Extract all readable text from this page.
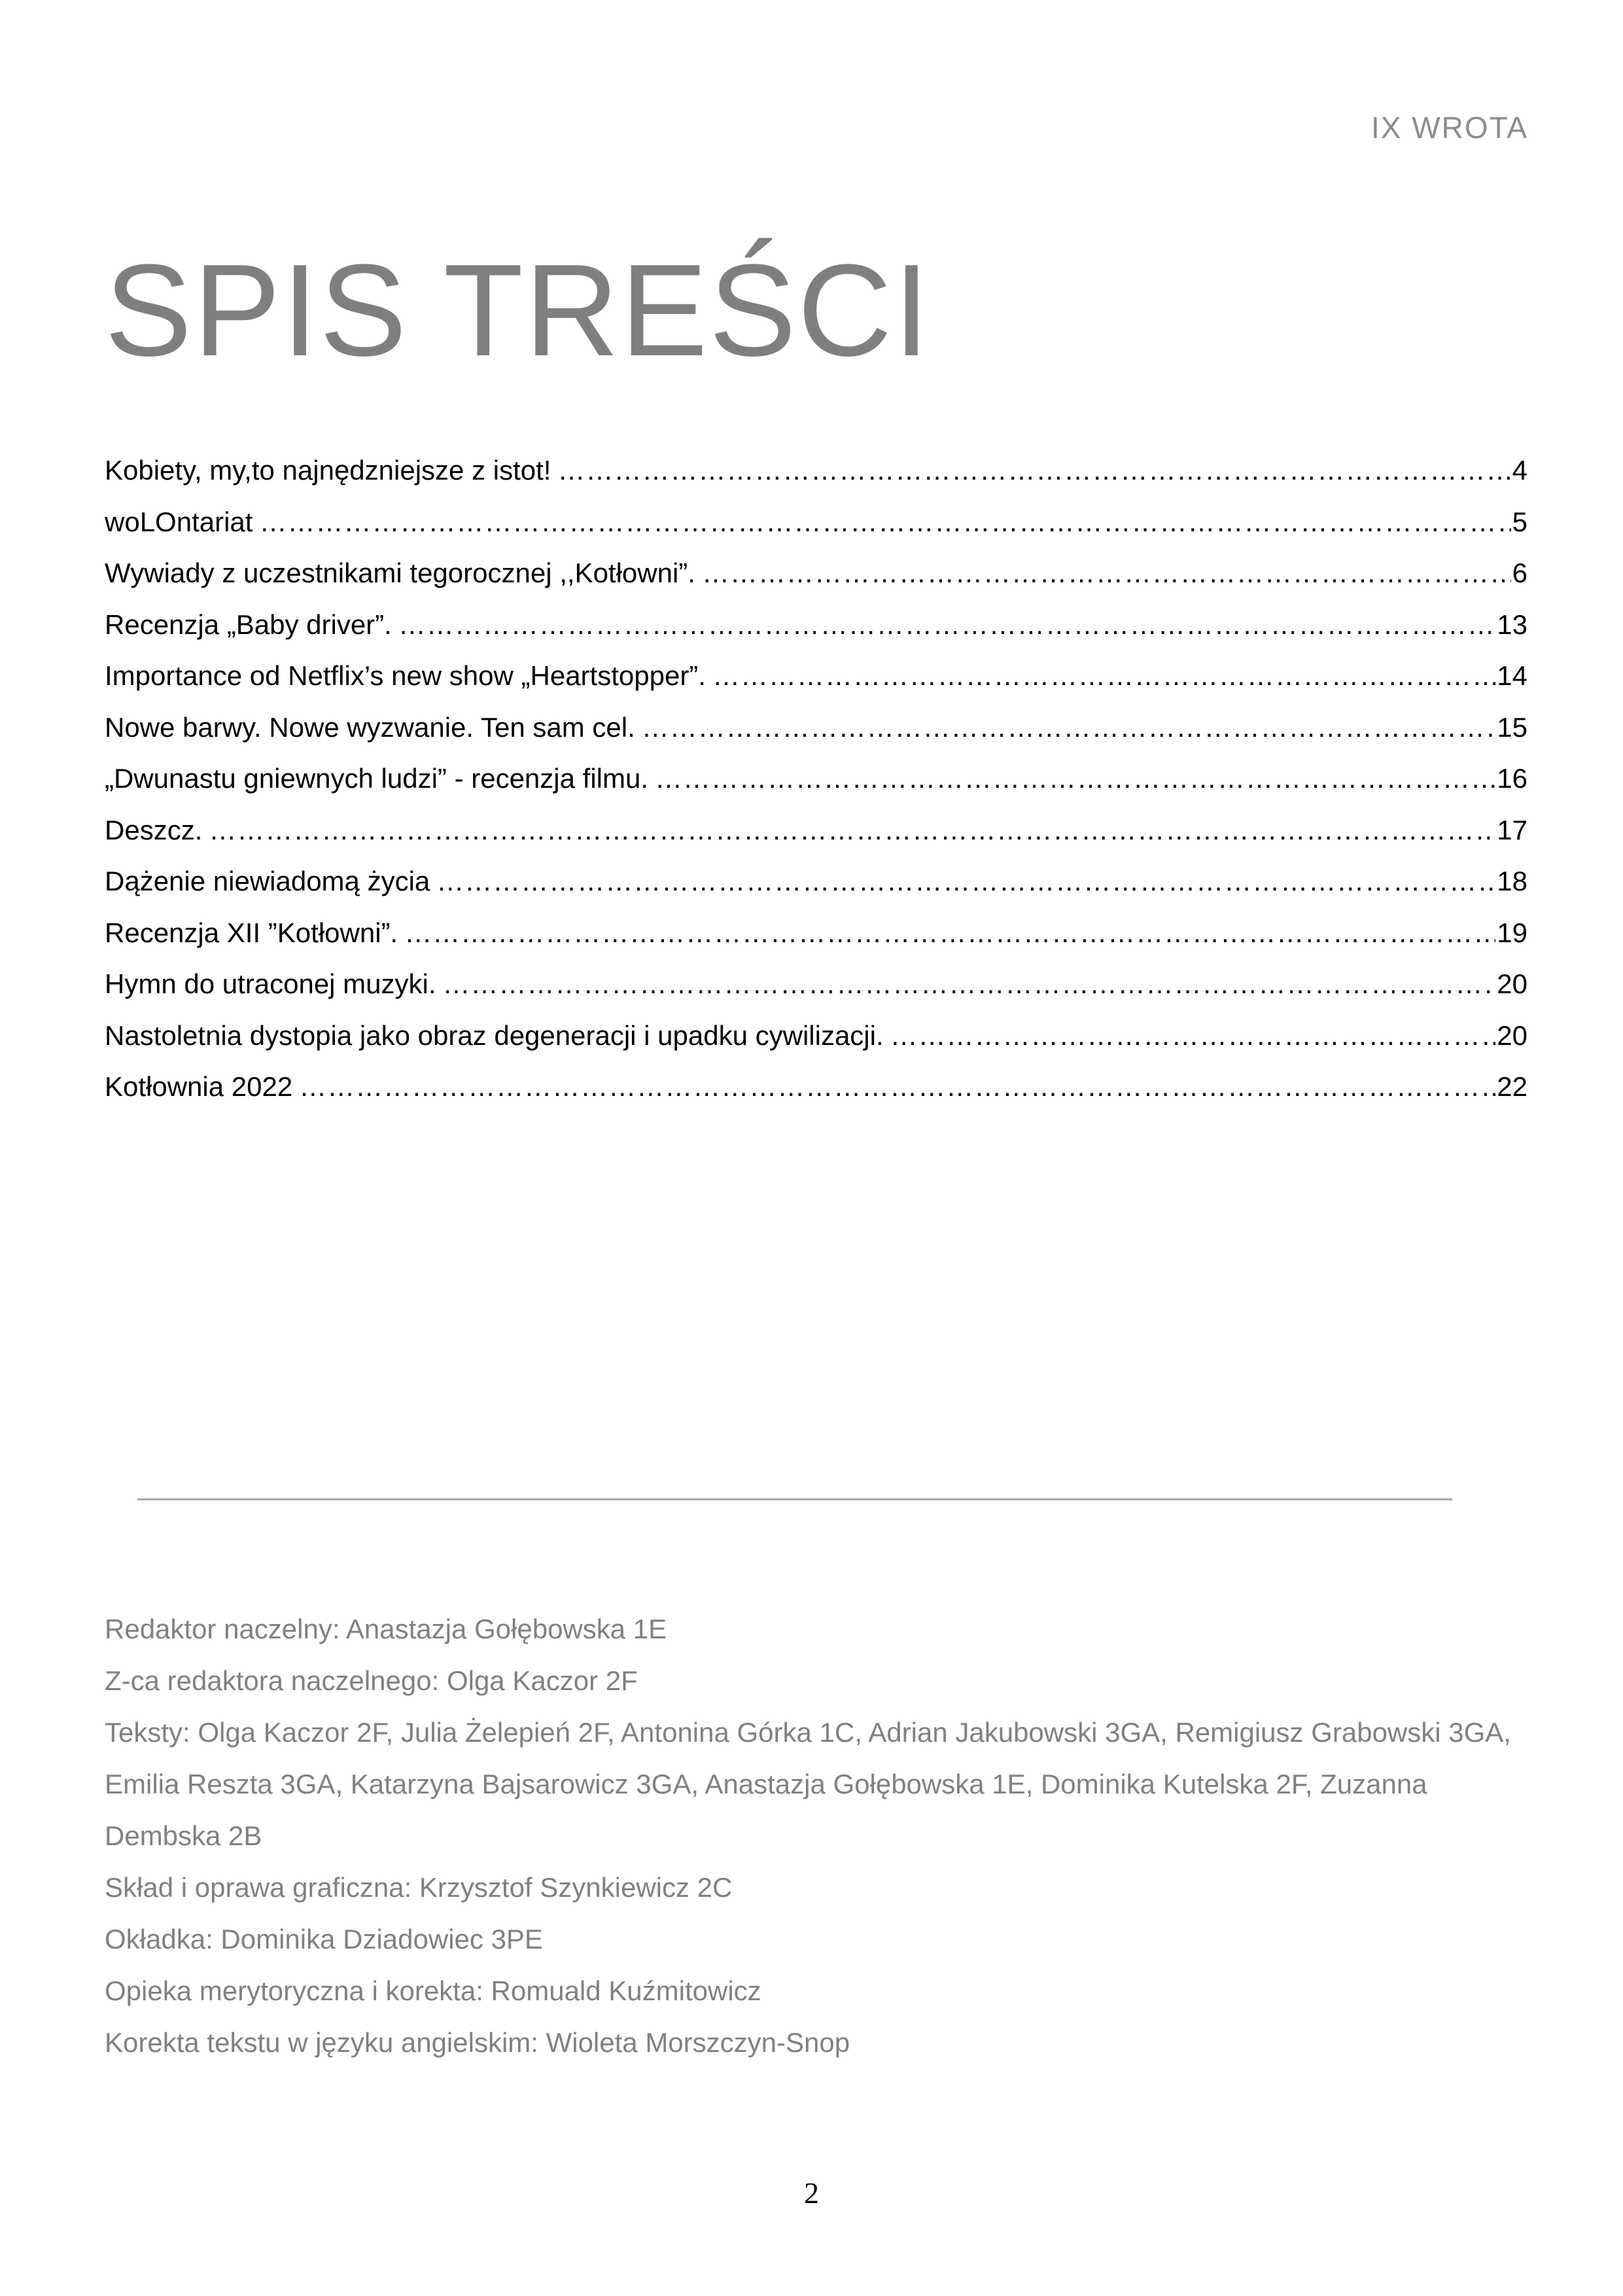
IX WROTA
SPIS TREŚCI
Kobiety, my,to najnędzniejsze z istot! ……………………………………………………………………………………………………………………………………………………………………………………………………………………………………………………………………………………………	4
woLOntariat ……………………………………………………………………………………………………………………………………………………………………………………………………………………………………………………………………………………………	5
Wywiady z uczestnikami tegorocznej ,,Kotłowni”. ……………………………………………………………………………………………………………………………………………………………………………………………………………………………………………………………………………………………	6
Recenzja „Baby driver”. ……………………………………………………………………………………………………………………………………………………………………………………………………………………………………………………………………………………………	13
Importance od Netflix’s new show „Heartstopper”. ……………………………………………………………………………………………………………………………………………………………………………………………………………………………………………………………………………………………	14
Nowe barwy. Nowe wyzwanie. Ten sam cel. ……………………………………………………………………………………………………………………………………………………………………………………………………………………………………………………………………………………………	15
„Dwunastu gniewnych ludzi” - recenzja filmu. ……………………………………………………………………………………………………………………………………………………………………………………………………………………………………………………………………………………………	16
Deszcz. ……………………………………………………………………………………………………………………………………………………………………………………………………………………………………………………………………………………………	17
Dążenie niewiadomą życia ……………………………………………………………………………………………………………………………………………………………………………………………………………………………………………………………………………………………	18
Recenzja XII ”Kotłowni”. ……………………………………………………………………………………………………………………………………………………………………………………………………………………………………………………………………………………………	19
Hymn do utraconej muzyki. ……………………………………………………………………………………………………………………………………………………………………………………………………………………………………………………………………………………………	20
Nastoletnia dystopia jako obraz degeneracji i upadku cywilizacji. ……………………………………………………………………………………………………………………………………………………………………………………………………………………………………………………………………………………………	20
Kotłownia 2022 ……………………………………………………………………………………………………………………………………………………………………………………………………………………………………………………………………………………………	22

Redaktor naczelny: Anastazja Gołębowska 1E

Z-ca redaktora naczelnego: Olga Kaczor 2F

Teksty: Olga Kaczor 2F, Julia Żelepień 2F, Antonina Górka 1C, Adrian Jakubowski 3GA, Remigiusz Grabowski 3GA, Emilia Reszta 3GA, Katarzyna Bajsarowicz 3GA, Anastazja Gołębowska 1E, Dominika Kutelska 2F, Zuzanna Dembska 2B

Skład i oprawa graficzna: Krzysztof Szynkiewicz 2C

Okładka: Dominika Dziadowiec 3PE

Opieka merytoryczna i korekta: Romuald Kuźmitowicz

Korekta tekstu w języku angielskim: Wioleta Morszczyn-Snop

2
